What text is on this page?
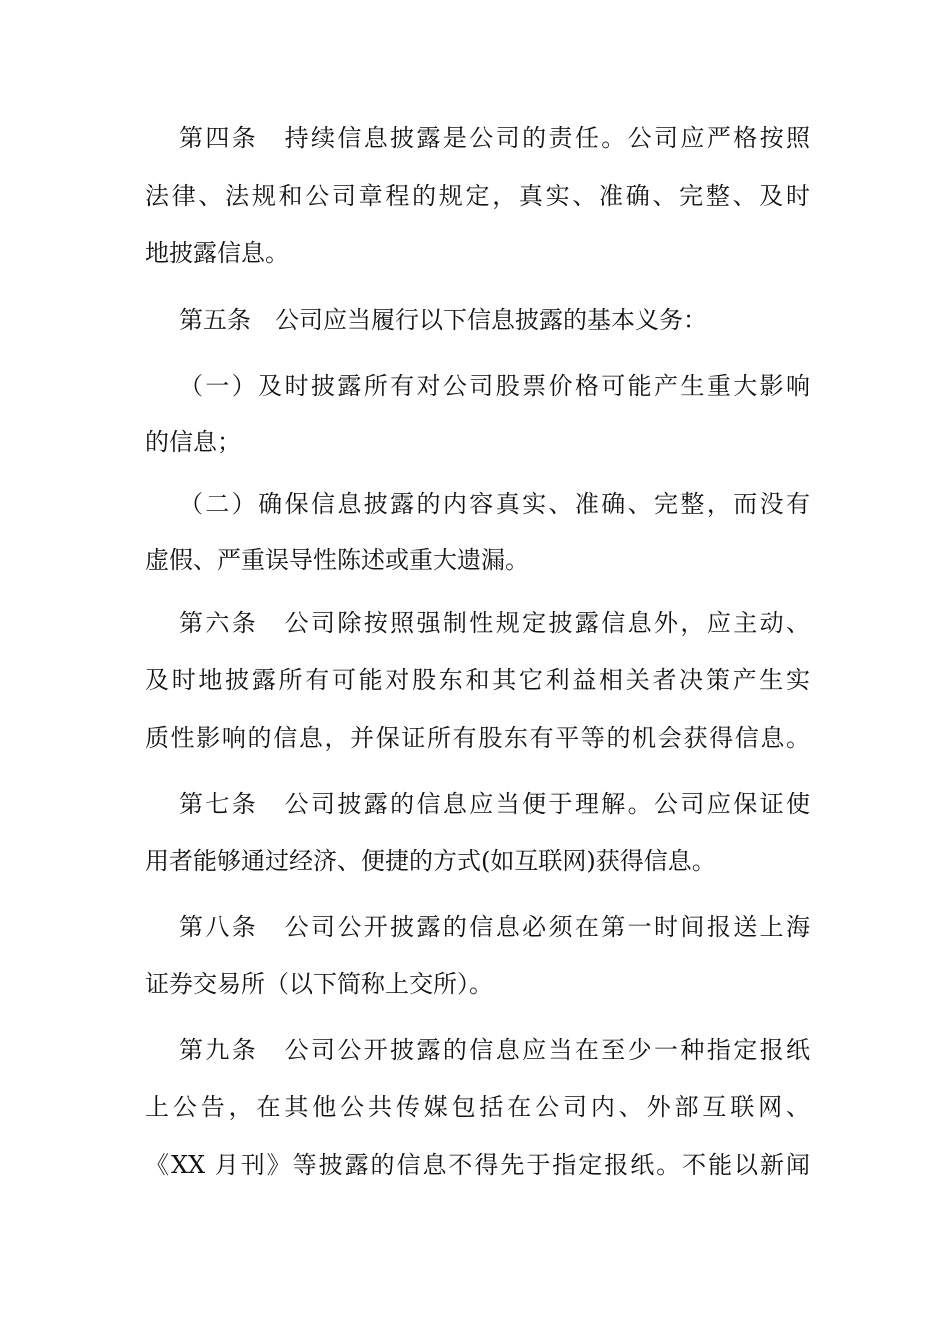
第四条　持续信息披露是公司的责任。公司应严格按照
法律、法规和公司章程的规定，真实、准确、完整、及时
地披露信息。
第五条　公司应当履行以下信息披露的基本义务：
（一）及时披露所有对公司股票价格可能产生重大影响
的信息；
（二）确保信息披露的内容真实、准确、完整，而没有
虚假、严重误导性陈述或重大遗漏。
第六条　公司除按照强制性规定披露信息外，应主动、
及时地披露所有可能对股东和其它利益相关者决策产生实
质性影响的信息，并保证所有股东有平等的机会获得信息。
第七条　公司披露的信息应当便于理解。公司应保证使
用者能够通过经济、便捷的方式(如互联网)获得信息。
第八条　公司公开披露的信息必须在第一时间报送上海
证券交易所（以下简称上交所）。
第九条　公司公开披露的信息应当在至少一种指定报纸
上公告，在其他公共传媒包括在公司内、外部互联网、
《XX 月刊》等披露的信息不得先于指定报纸。不能以新闻
